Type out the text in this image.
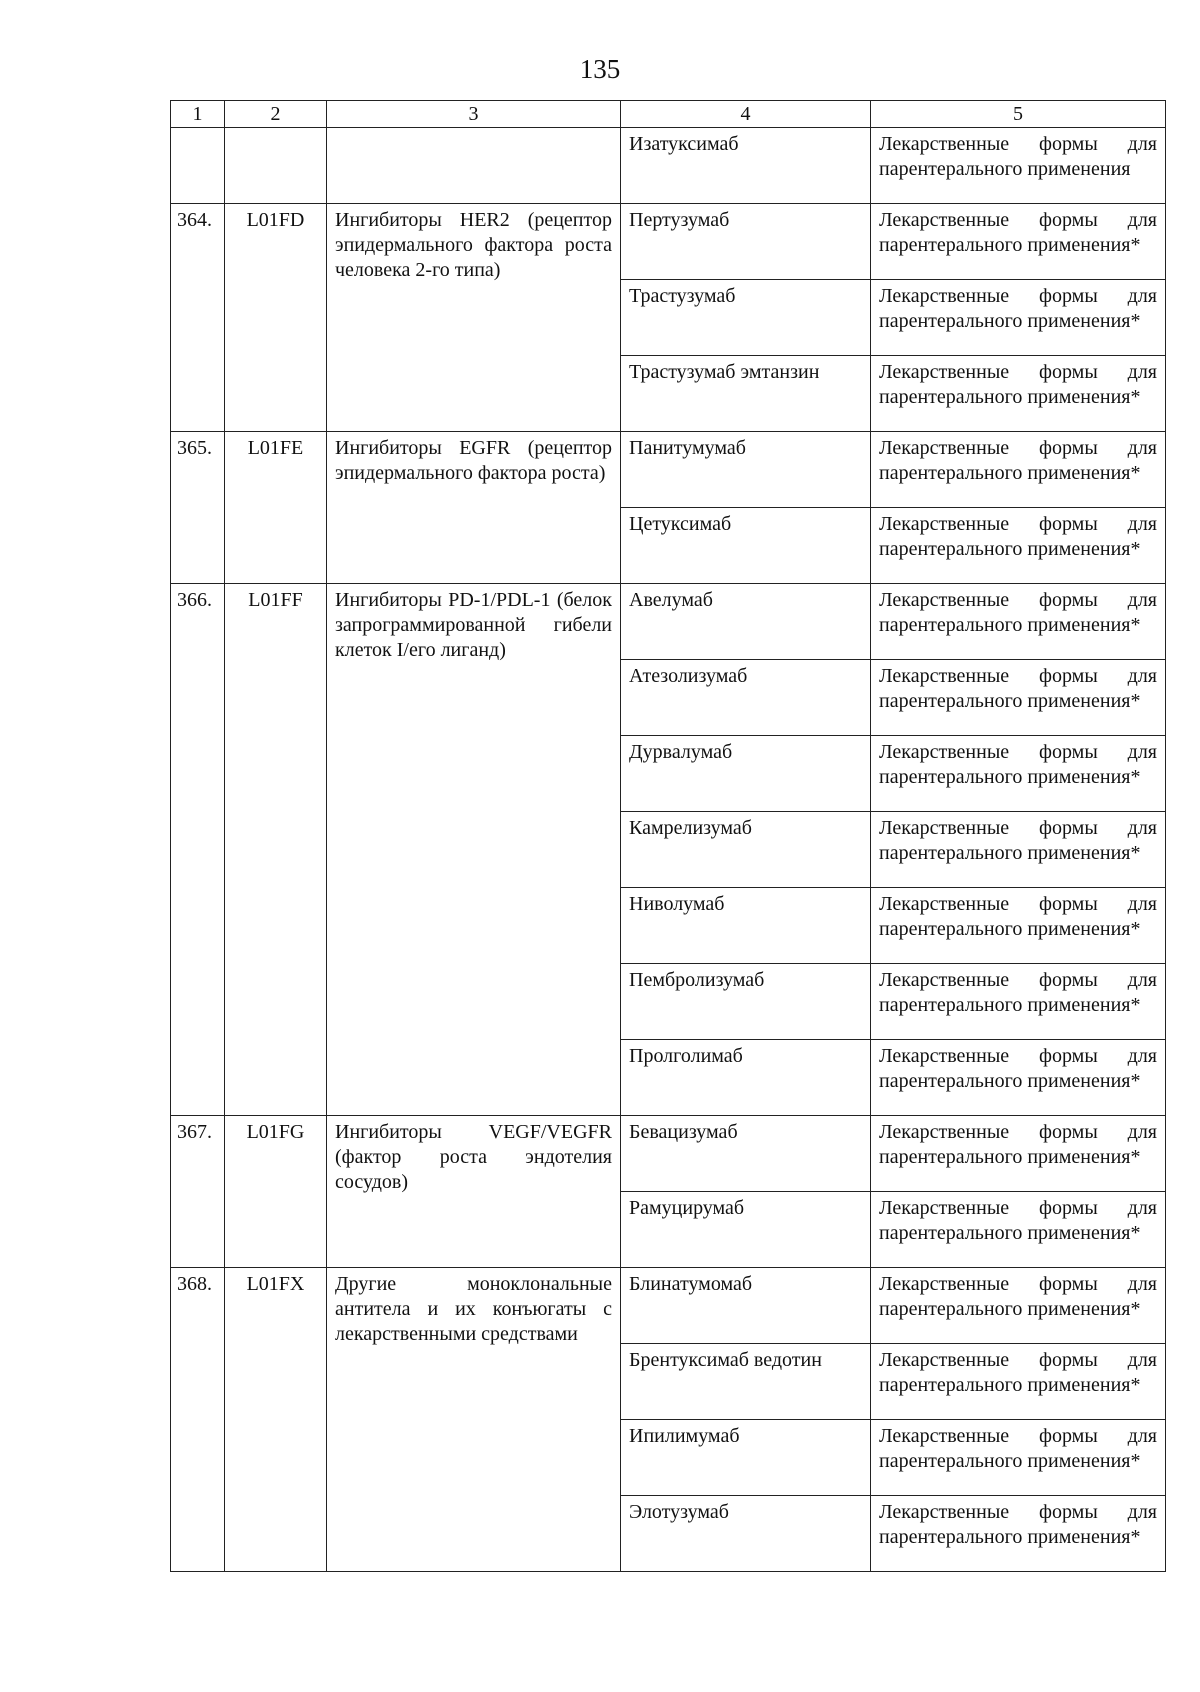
135
1	2	3	4	5
			Изатуксимаб	Лекарственные формы для парентерального применения
364.	L01FD	Ингибиторы HER2 (рецептор эпидермального фактора роста человека 2-го типа)	Пертузумаб	Лекарственные формы для парентерального применения*
			Трастузумаб	Лекарственные формы для парентерального применения*
			Трастузумаб эмтанзин	Лекарственные формы для парентерального применения*
365.	L01FE	Ингибиторы EGFR (рецептор эпидермального фактора роста)	Панитумумаб	Лекарственные формы для парентерального применения*
			Цетуксимаб	Лекарственные формы для парентерального применения*
366.	L01FF	Ингибиторы PD-1/PDL-1 (белок запрограммированной гибели клеток I/его лиганд)	Авелумаб	Лекарственные формы для парентерального применения*
			Атезолизумаб	Лекарственные формы для парентерального применения*
			Дурвалумаб	Лекарственные формы для парентерального применения*
			Камрелизумаб	Лекарственные формы для парентерального применения*
			Ниволумаб	Лекарственные формы для парентерального применения*
			Пембролизумаб	Лекарственные формы для парентерального применения*
			Пролголимаб	Лекарственные формы для парентерального применения*
367.	L01FG	Ингибиторы VEGF/VEGFR (фактор роста эндотелия сосудов)	Бевацизумаб	Лекарственные формы для парентерального применения*
			Рамуцирумаб	Лекарственные формы для парентерального применения*
368.	L01FX	Другие моноклональные антитела и их конъюгаты с лекарственными средствами	Блинатумомаб	Лекарственные формы для парентерального применения*
			Брентуксимаб ведотин	Лекарственные формы для парентерального применения*
			Ипилимумаб	Лекарственные формы для парентерального применения*
			Элотузумаб	Лекарственные формы для парентерального применения*
